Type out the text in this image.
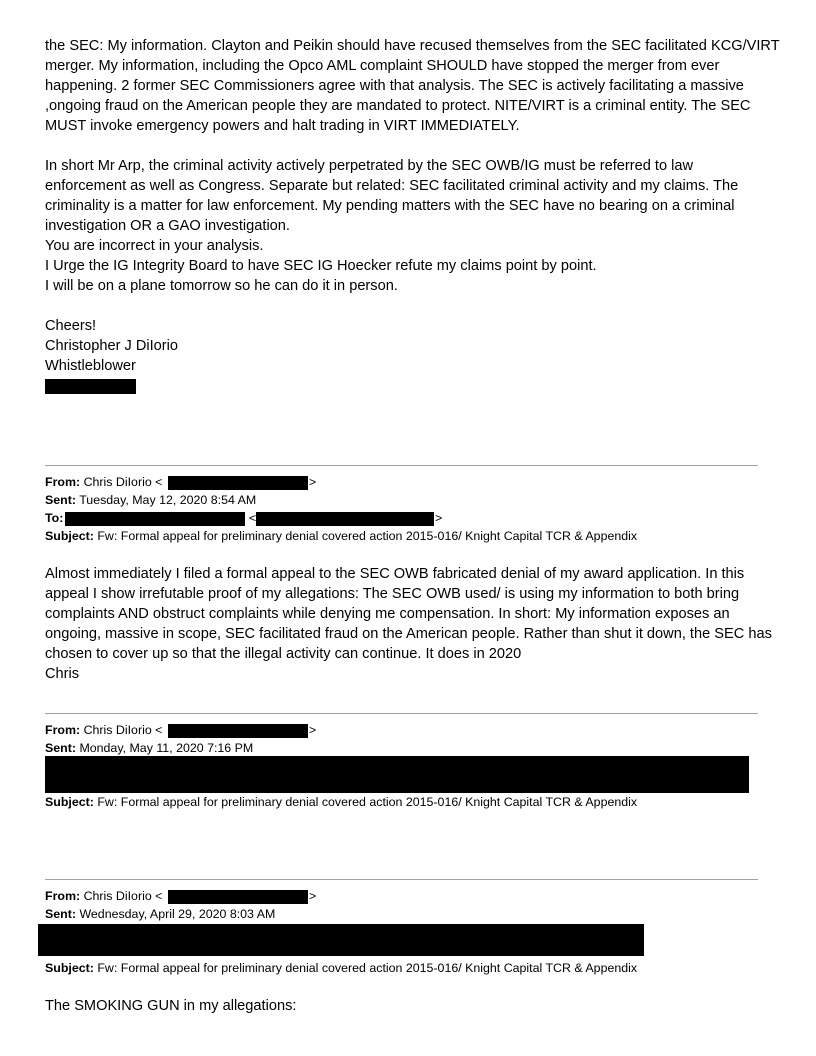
the SEC: My information. Clayton and Peikin should have recused themselves from the SEC facilitated KCG/VIRT
merger. My information, including the Opco AML complaint SHOULD have stopped the merger from ever
happening. 2 former SEC Commissioners agree with that analysis. The SEC is actively facilitating a massive
,ongoing fraud on the American people they are mandated to protect. NITE/VIRT is a criminal entity. The SEC
MUST invoke emergency powers and halt trading in VIRT IMMEDIATELY.
In short Mr Arp, the criminal activity actively perpetrated by the SEC OWB/IG must be referred to law
enforcement as well as Congress. Separate but related: SEC facilitated criminal activity and my claims. The
criminality is a matter for law enforcement. My pending matters with the SEC have no bearing on a criminal
investigation OR a GAO investigation.
You are incorrect in your analysis.
I Urge the IG Integrity Board to have SEC IG Hoecker refute my claims point by point.
I will be on a plane tomorrow so he can do it in person.
Cheers!
Christopher J DiIorio
Whistleblower
From: Chris DiIorio <	>
Sent: Tuesday, May 12, 2020 8:54 AM
To:	<	>
Subject: Fw: Formal appeal for preliminary denial covered action 2015-016/ Knight Capital TCR & Appendix
Almost immediately I filed a formal appeal to the SEC OWB fabricated denial of my award application. In this
appeal I show irrefutable proof of my allegations: The SEC OWB used/ is using my information to both bring
complaints AND obstruct complaints while denying me compensation. In short: My information exposes an
ongoing, massive in scope, SEC facilitated fraud on the American people. Rather than shut it down, the SEC has
chosen to cover up so that the illegal activity can continue. It does in 2020
Chris
From: Chris DiIorio <	>
Sent: Monday, May 11, 2020 7:16 PM
Subject: Fw: Formal appeal for preliminary denial covered action 2015-016/ Knight Capital TCR & Appendix
From: Chris DiIorio <	>
Sent: Wednesday, April 29, 2020 8:03 AM
Subject: Fw: Formal appeal for preliminary denial covered action 2015-016/ Knight Capital TCR & Appendix
The SMOKING GUN in my allegations:
